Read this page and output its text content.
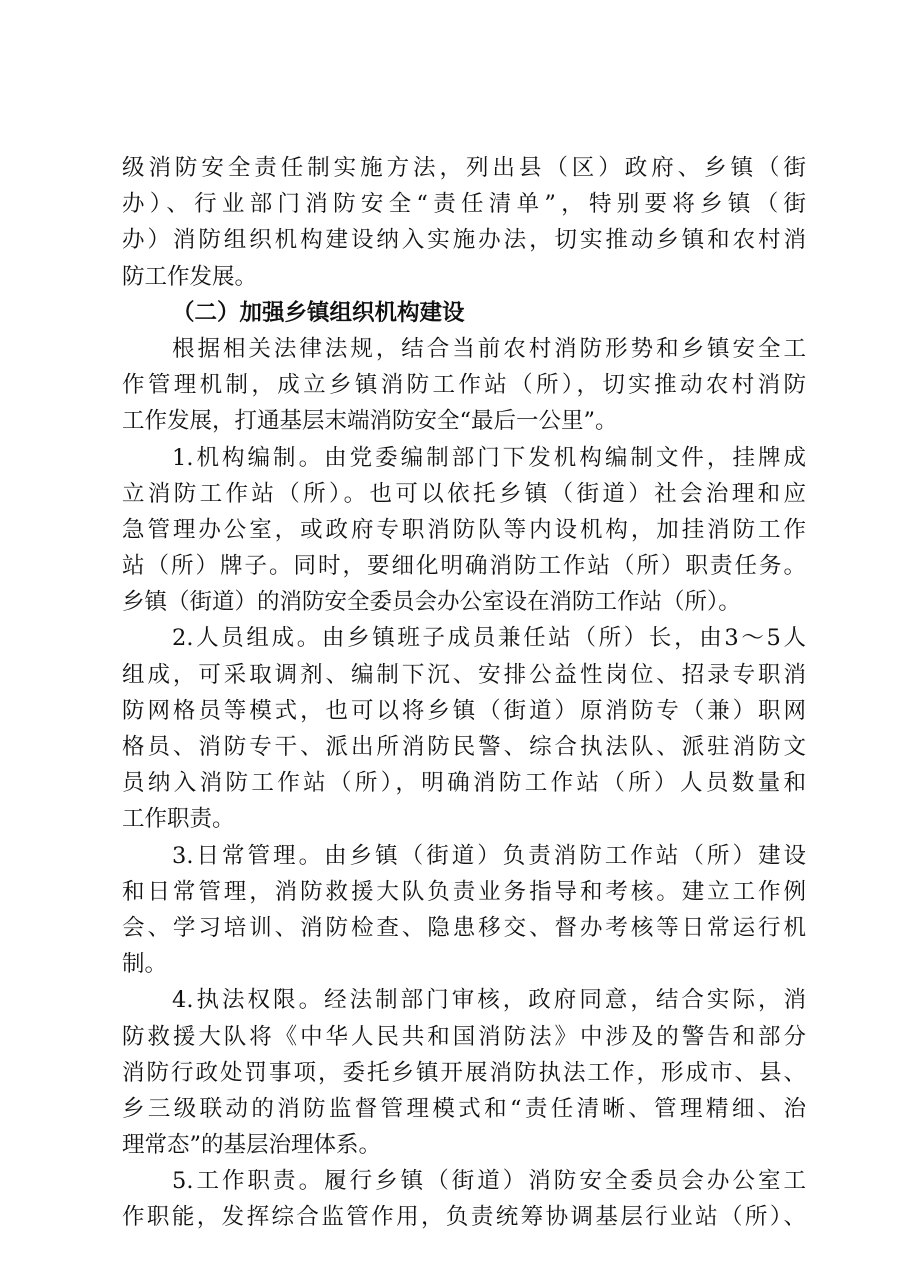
级消防安全责任制实施方法，列出县（区）政府、乡镇（街
办）、行业部门消防安全“责任清单”，特别要将乡镇（街
办）消防组织机构建设纳入实施办法，切实推动乡镇和农村消
防工作发展。
（二）加强乡镇组织机构建设
根据相关法律法规，结合当前农村消防形势和乡镇安全工
作管理机制，成立乡镇消防工作站（所），切实推动农村消防
工作发展，打通基层末端消防安全“最后一公里”。
1.机构编制。由党委编制部门下发机构编制文件，挂牌成
立消防工作站（所）。也可以依托乡镇（街道）社会治理和应
急管理办公室，或政府专职消防队等内设机构，加挂消防工作
站（所）牌子。同时，要细化明确消防工作站（所）职责任务。
乡镇（街道）的消防安全委员会办公室设在消防工作站（所）。
2.人员组成。由乡镇班子成员兼任站（所）长，由3～5人
组成，可采取调剂、编制下沉、安排公益性岗位、招录专职消
防网格员等模式，也可以将乡镇（街道）原消防专（兼）职网
格员、消防专干、派出所消防民警、综合执法队、派驻消防文
员纳入消防工作站（所），明确消防工作站（所）人员数量和
工作职责。
3.日常管理。由乡镇（街道）负责消防工作站（所）建设
和日常管理，消防救援大队负责业务指导和考核。建立工作例
会、学习培训、消防检查、隐患移交、督办考核等日常运行机
制。
4.执法权限。经法制部门审核，政府同意，结合实际，消
防救援大队将《中华人民共和国消防法》中涉及的警告和部分
消防行政处罚事项，委托乡镇开展消防执法工作，形成市、县、
乡三级联动的消防监督管理模式和“责任清晰、管理精细、治
理常态”的基层治理体系。
5.工作职责。履行乡镇（街道）消防安全委员会办公室工
作职能，发挥综合监管作用，负责统筹协调基层行业站（所）、
